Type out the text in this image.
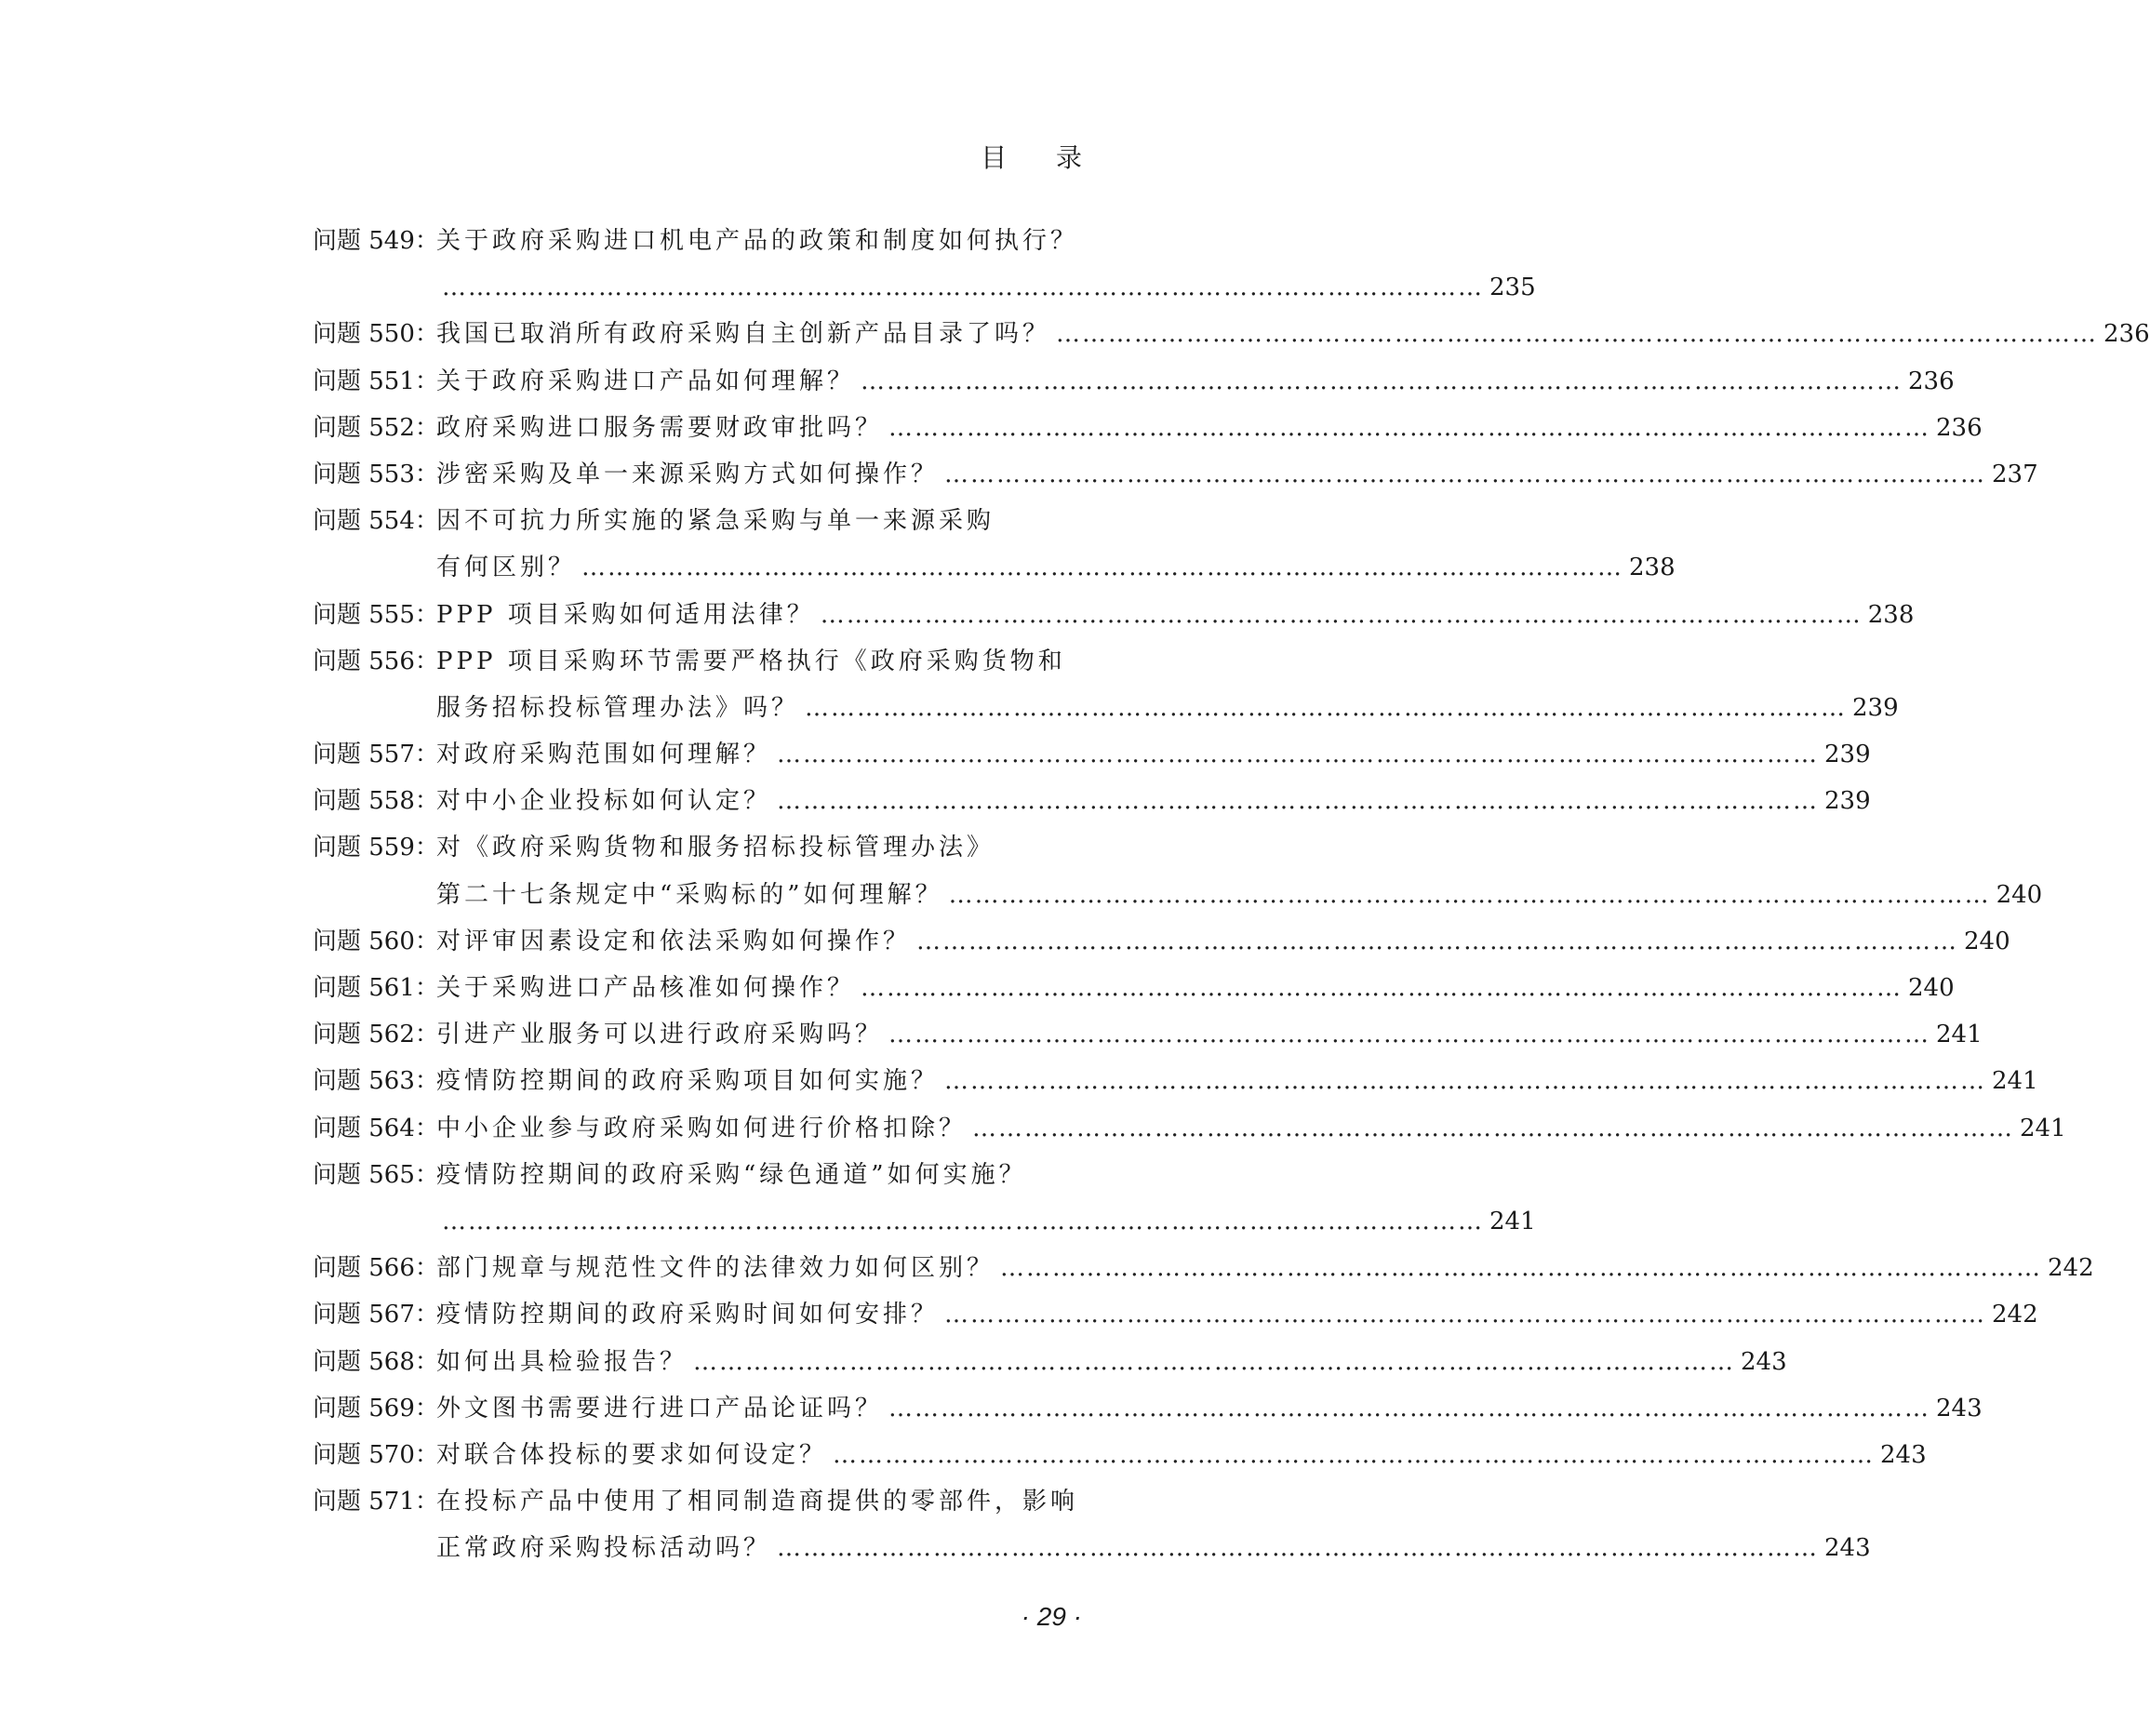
目 录
问题 549：
关于政府采购进口机电产品的政策和制度如何执行？
………………………………………………………………………………………………………… 235
问题 550：
我国已取消所有政府采购自主创新产品目录了吗？ ………………………………………………………………………………………………………… 236
问题 551：
关于政府采购进口产品如何理解？ ………………………………………………………………………………………………………… 236
问题 552：
政府采购进口服务需要财政审批吗？ ………………………………………………………………………………………………………… 236
问题 553：
涉密采购及单一来源采购方式如何操作？ ………………………………………………………………………………………………………… 237
问题 554：
因不可抗力所实施的紧急采购与单一来源采购
有何区别？ ………………………………………………………………………………………………………… 238
问题 555：
PPP 项目采购如何适用法律？ ………………………………………………………………………………………………………… 238
问题 556：
PPP 项目采购环节需要严格执行《政府采购货物和
服务招标投标管理办法》吗？ ………………………………………………………………………………………………………… 239
问题 557：
对政府采购范围如何理解？ ………………………………………………………………………………………………………… 239
问题 558：
对中小企业投标如何认定？ ………………………………………………………………………………………………………… 239
问题 559：
对《政府采购货物和服务招标投标管理办法》
第二十七条规定中“采购标的”如何理解？ ………………………………………………………………………………………………………… 240
问题 560：
对评审因素设定和依法采购如何操作？ ………………………………………………………………………………………………………… 240
问题 561：
关于采购进口产品核准如何操作？ ………………………………………………………………………………………………………… 240
问题 562：
引进产业服务可以进行政府采购吗？ ………………………………………………………………………………………………………… 241
问题 563：
疫情防控期间的政府采购项目如何实施？ ………………………………………………………………………………………………………… 241
问题 564：
中小企业参与政府采购如何进行价格扣除？ ………………………………………………………………………………………………………… 241
问题 565：
疫情防控期间的政府采购“绿色通道”如何实施？
………………………………………………………………………………………………………… 241
问题 566：
部门规章与规范性文件的法律效力如何区别？ ………………………………………………………………………………………………………… 242
问题 567：
疫情防控期间的政府采购时间如何安排？ ………………………………………………………………………………………………………… 242
问题 568：
如何出具检验报告？ ………………………………………………………………………………………………………… 243
问题 569：
外文图书需要进行进口产品论证吗？ ………………………………………………………………………………………………………… 243
问题 570：
对联合体投标的要求如何设定？ ………………………………………………………………………………………………………… 243
问题 571：
在投标产品中使用了相同制造商提供的零部件，影响
正常政府采购投标活动吗？ ………………………………………………………………………………………………………… 243
· 29 ·
